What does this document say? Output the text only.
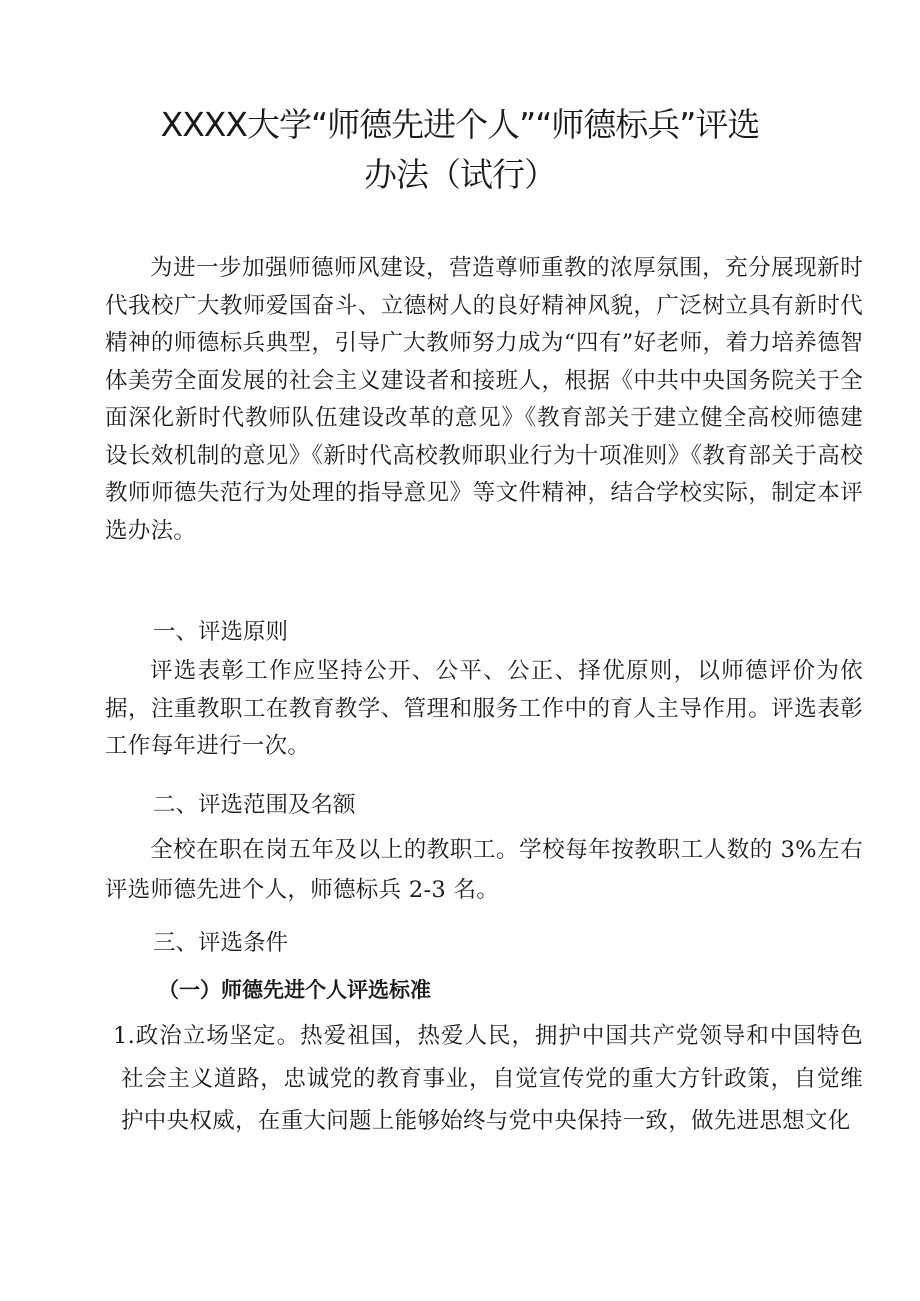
XXXX大学“师德先进个人”“师德标兵”评选
办法（试行）

为进一步加强师德师风建设，营造尊师重教的浓厚氛围，充分展现新时代我校广大教师爱国奋斗、立德树人的良好精神风貌，广泛树立具有新时代精神的师德标兵典型，引导广大教师努力成为“四有”好老师，着力培养德智体美劳全面发展的社会主义建设者和接班人，根据《中共中央国务院关于全面深化新时代教师队伍建设改革的意见》《教育部关于建立健全高校师德建设长效机制的意见》《新时代高校教师职业行为十项准则》《教育部关于高校教师师德失范行为处理的指导意见》等文件精神，结合学校实际，制定本评选办法。

一、评选原则

评选表彰工作应坚持公开、公平、公正、择优原则，以师德评价为依据，注重教职工在教育教学、管理和服务工作中的育人主导作用。评选表彰工作每年进行一次。

二、评选范围及名额

全校在职在岗五年及以上的教职工。学校每年按教职工人数的 3%左右评选师德先进个人，师德标兵 2-3 名。

三、评选条件
（一）师德先进个人评选标准

1.政治立场坚定。热爱祖国，热爱人民，拥护中国共产党领导和中国特色社会主义道路，忠诚党的教育事业，自觉宣传党的重大方针政策，自觉维护中央权威，在重大问题上能够始终与党中央保持一致，做先进思想文化
